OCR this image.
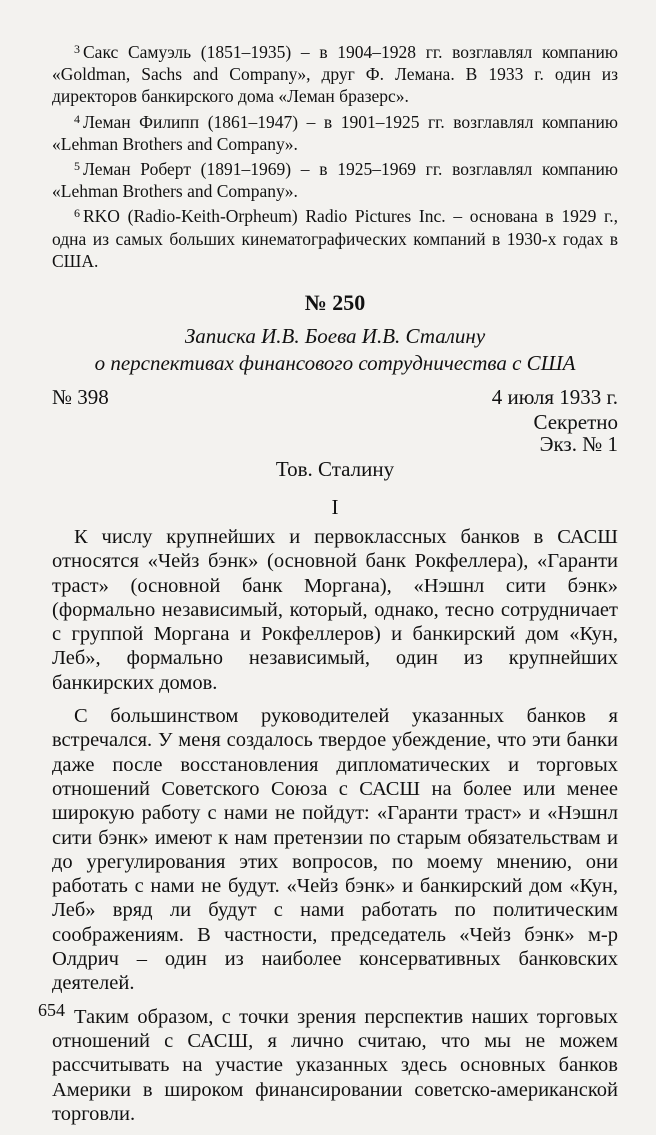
$^3$ Сакс Самуэль (1851–1935) – в 1904–1928 гг. возглавлял компанию «Goldman, Sachs and Company», друг Ф. Лемана. В 1933 г. один из директоров банкирского дома «Леман бразерс».

$^4$ Леман Филипп (1861–1947) – в 1901–1925 гг. возглавлял компанию «Lehman Brothers and Company».

$^5$ Леман Роберт (1891–1969) – в 1925–1969 гг. возглавлял компанию «Lehman Brothers and Company».

$^6$ RKO (Radio-Keith-Orpheum) Radio Pictures Inc. – основана в 1929 г., одна из самых больших кинематографических компаний в 1930-х годах в США.

№ 250
Записка И.В. Боева И.В. Сталину
о перспективах финансового сотрудничества с США
№ 398	4 июля 1933 г.
Секретно
Экз. № 1
Тов. Сталину
I

К числу крупнейших и первоклассных банков в САСШ относятся «Чейз бэнк» (основной банк Рокфеллера), «Гаранти траст» (основной банк Моргана), «Нэшнл сити бэнк» (формально независимый, который, однако, тесно сотрудничает с группой Моргана и Рокфеллеров) и банкирский дом «Кун, Леб», формально независимый, один из крупнейших банкирских домов.

С большинством руководителей указанных банков я встречался. У меня создалось твердое убеждение, что эти банки даже после восстановления дипломатических и торговых отношений Советского Союза с САСШ на более или менее широкую работу с нами не пойдут: «Гаранти траст» и «Нэшнл сити бэнк» имеют к нам претензии по старым обязательствам и до урегулирования этих вопросов, по моему мнению, они работать с нами не будут. «Чейз бэнк» и банкирский дом «Кун, Леб» вряд ли будут с нами работать по политическим соображениям. В частности, председатель «Чейз бэнк» м-р Олдрич – один из наиболее консервативных банковских деятелей.

Таким образом, с точки зрения перспектив наших торговых отношений с САСШ, я лично считаю, что мы не можем рассчитывать на участие указанных здесь основных банков Америки в широком финансировании советско-американской торговли.

654
